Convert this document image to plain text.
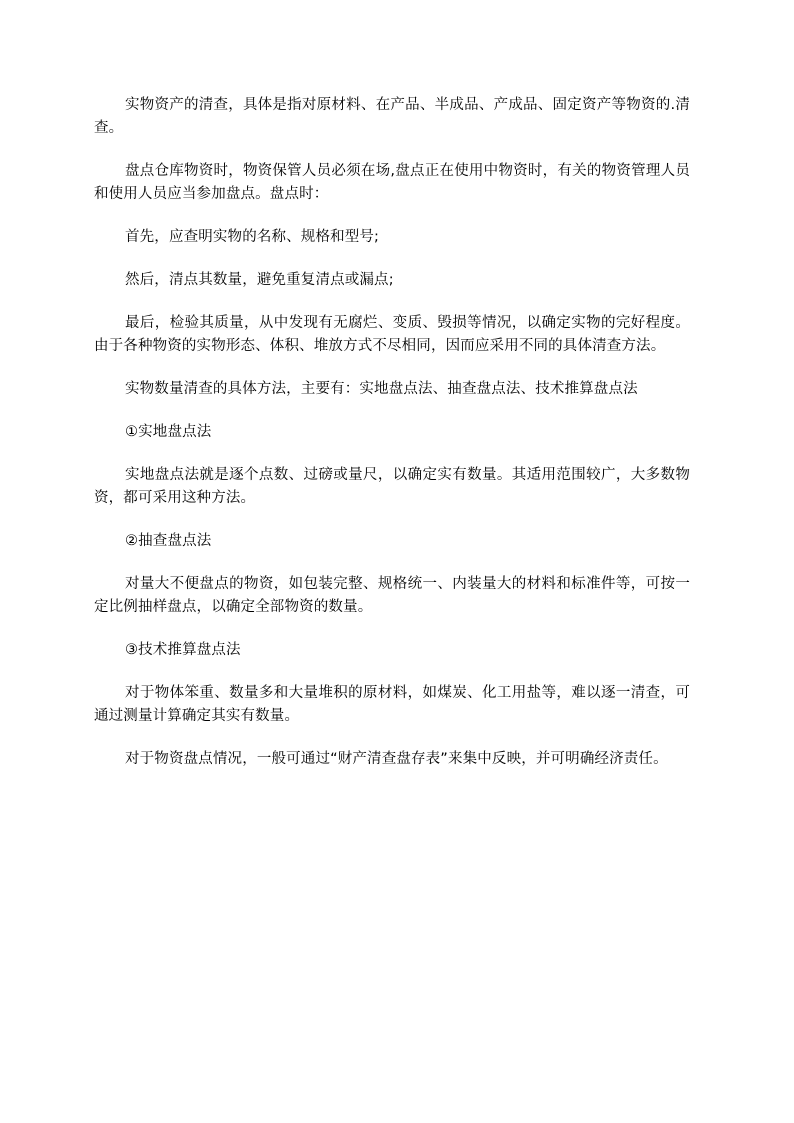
实物资产的清查，具体是指对原材料、在产品、半成品、产成品、固定资产等物资的.清查。

盘点仓库物资时，物资保管人员必须在场,盘点正在使用中物资时，有关的物资管理人员和使用人员应当参加盘点。盘点时：

首先，应查明实物的名称、规格和型号;

然后，清点其数量，避免重复清点或漏点;

最后，检验其质量，从中发现有无腐烂、变质、毁损等情况，以确定实物的完好程度。由于各种物资的实物形态、体积、堆放方式不尽相同，因而应采用不同的具体清查方法。

实物数量清查的具体方法，主要有：实地盘点法、抽查盘点法、技术推算盘点法

①实地盘点法

实地盘点法就是逐个点数、过磅或量尺，以确定实有数量。其适用范围较广，大多数物资，都可采用这种方法。

②抽查盘点法

对量大不便盘点的物资，如包装完整、规格统一、内装量大的材料和标准件等，可按一定比例抽样盘点，以确定全部物资的数量。

③技术推算盘点法

对于物体笨重、数量多和大量堆积的原材料，如煤炭、化工用盐等，难以逐一清查，可通过测量计算确定其实有数量。

对于物资盘点情况，一般可通过“财产清查盘存表”来集中反映，并可明确经济责任。
